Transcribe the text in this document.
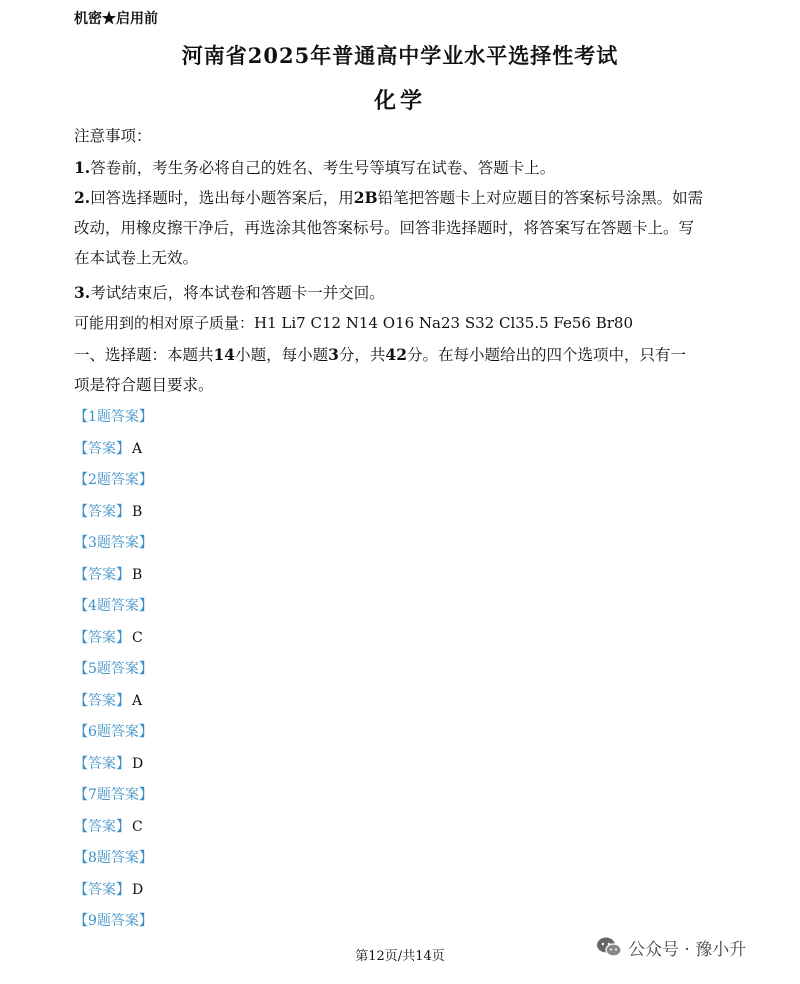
机密★启用前
河南省2025年普通高中学业水平选择性考试
化学
注意事项：
1.答卷前，考生务必将自己的姓名、考生号等填写在试卷、答题卡上。
2.回答选择题时，选出每小题答案后，用2B铅笔把答题卡上对应题目的答案标号涂黑。如需
改动，用橡皮擦干净后，再选涂其他答案标号。回答非选择题时，将答案写在答题卡上。写
在本试卷上无效。
3.考试结束后，将本试卷和答题卡一并交回。
可能用到的相对原子质量：H1 Li7 C12 N14 O16 Na23 S32 Cl35.5 Fe56 Br80
一、选择题：本题共14小题，每小题3分，共42分。在每小题给出的四个选项中，只有一
项是符合题目要求。
【1题答案】
【答案】 A
【2题答案】
【答案】 B
【3题答案】
【答案】 B
【4题答案】
【答案】 C
【5题答案】
【答案】 A
【6题答案】
【答案】 D
【7题答案】
【答案】 C
【8题答案】
【答案】 D
【9题答案】
第12页/共14页	公众号 · 豫小升
